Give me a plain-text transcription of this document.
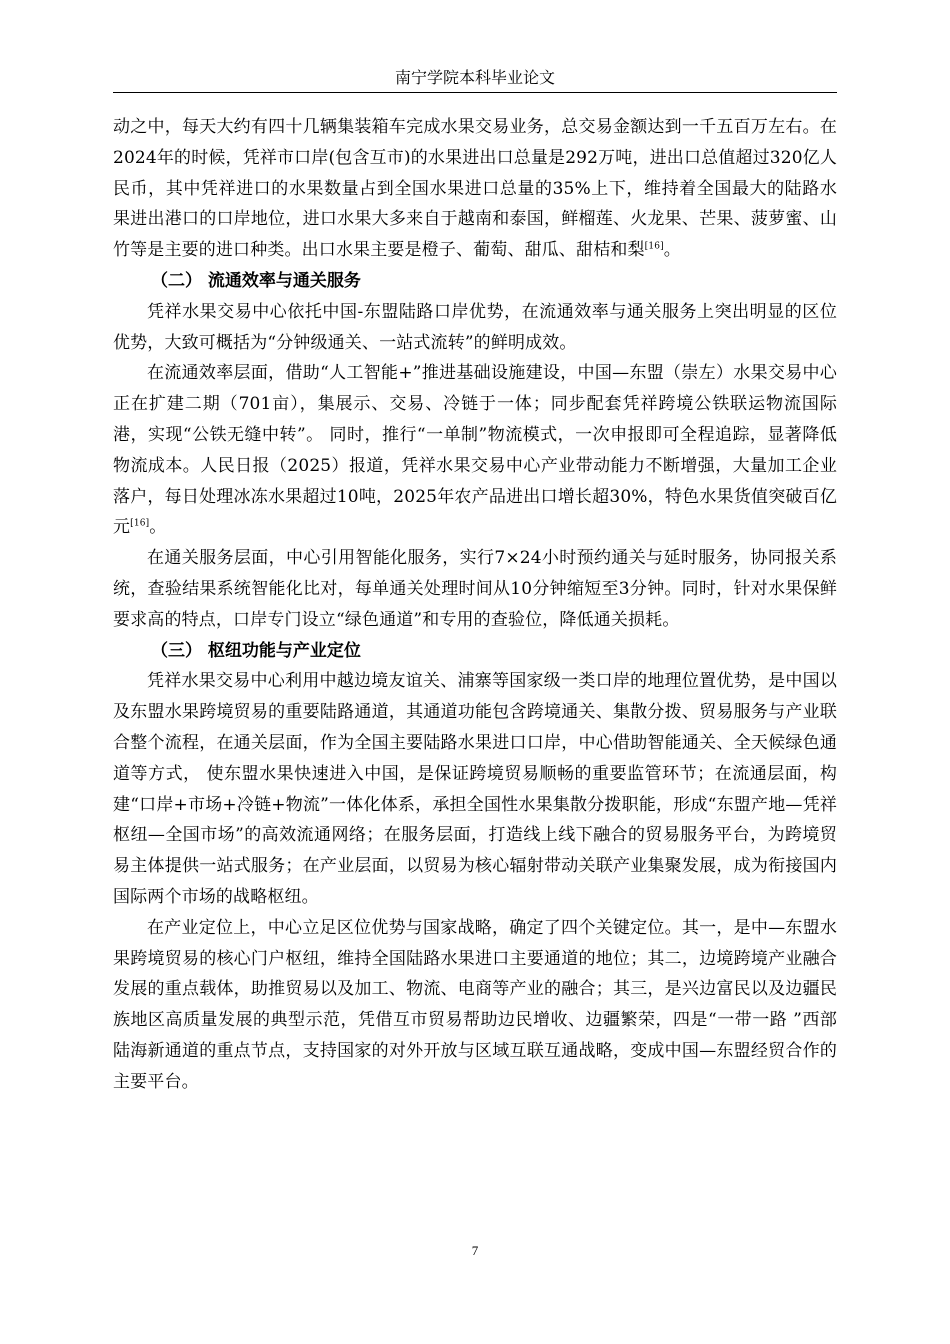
南宁学院本科毕业论文

动之中，每天大约有四十几辆集装箱车完成水果交易业务，总交易金额达到一千五百万左右。在2024年的时候，凭祥市口岸(包含互市)的水果进出口总量是292万吨，进出口总值超过320亿人民币，其中凭祥进口的水果数量占到全国水果进口总量的35%上下，维持着全国最大的陆路水果进出港口的口岸地位，进口水果大多来自于越南和泰国，鲜榴莲、火龙果、芒果、菠萝蜜、山竹等是主要的进口种类。出口水果主要是橙子、葡萄、甜瓜、甜桔和梨[16]。

（二） 流通效率与通关服务

凭祥水果交易中心依托中国-东盟陆路口岸优势，在流通效率与通关服务上突出明显的区位优势，大致可概括为“分钟级通关、一站式流转”的鲜明成效。

在流通效率层面，借助“人工智能+”推进基础设施建设，中国—东盟（崇左）水果交易中心正在扩建二期（701亩），集展示、交易、冷链于一体；同步配套凭祥跨境公铁联运物流国际港，实现“公铁无缝中转”。 同时，推行“一单制”物流模式，一次申报即可全程追踪，显著降低物流成本。人民日报（2025）报道，凭祥水果交易中心产业带动能力不断增强，大量加工企业落户，每日处理冰冻水果超过10吨，2025年农产品进出口增长超30%，特色水果货值突破百亿元[16]。

在通关服务层面，中心引用智能化服务，实行7×24小时预约通关与延时服务，协同报关系统，查验结果系统智能化比对，每单通关处理时间从10分钟缩短至3分钟。同时，针对水果保鲜要求高的特点，口岸专门设立“绿色通道”和专用的查验位，降低通关损耗。

（三） 枢纽功能与产业定位

凭祥水果交易中心利用中越边境友谊关、浦寨等国家级一类口岸的地理位置优势，是中国以及东盟水果跨境贸易的重要陆路通道，其通道功能包含跨境通关、集散分拨、贸易服务与产业联合整个流程，在通关层面，作为全国主要陆路水果进口口岸，中心借助智能通关、全天候绿色通道等方式， 使东盟水果快速进入中国，是保证跨境贸易顺畅的重要监管环节；在流通层面，构建“口岸+市场+冷链+物流”一体化体系，承担全国性水果集散分拨职能，形成“东盟产地—凭祥枢纽—全国市场”的高效流通网络；在服务层面，打造线上线下融合的贸易服务平台，为跨境贸易主体提供一站式服务；在产业层面，以贸易为核心辐射带动关联产业集聚发展，成为衔接国内国际两个市场的战略枢纽。

在产业定位上，中心立足区位优势与国家战略，确定了四个关键定位。其一，是中—东盟水果跨境贸易的核心门户枢纽，维持全国陆路水果进口主要通道的地位；其二，边境跨境产业融合发展的重点载体，助推贸易以及加工、物流、电商等产业的融合；其三，是兴边富民以及边疆民族地区高质量发展的典型示范，凭借互市贸易帮助边民增收、边疆繁荣，四是“一带一路 ”西部陆海新通道的重点节点，支持国家的对外开放与区域互联互通战略，变成中国—东盟经贸合作的主要平台。

7
